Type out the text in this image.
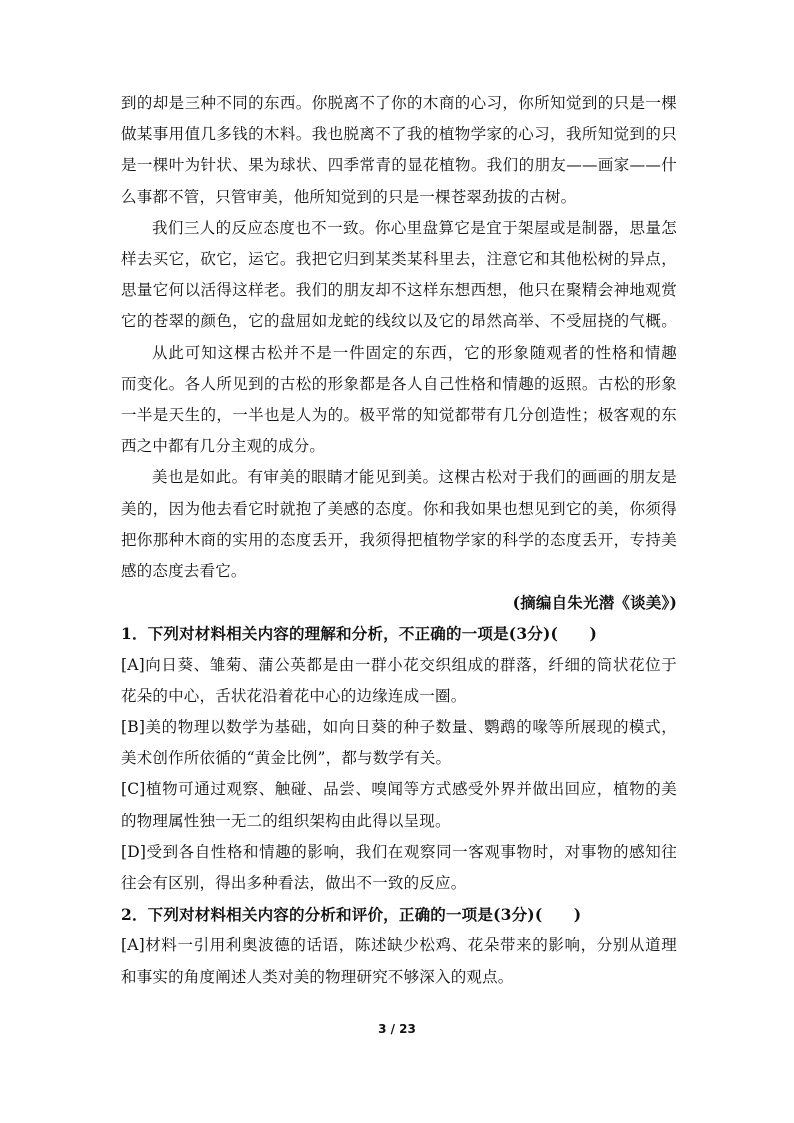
到的却是三种不同的东西。你脱离不了你的木商的心习，你所知觉到的只是一棵
做某事用值几多钱的木料。我也脱离不了我的植物学家的心习，我所知觉到的只
是一棵叶为针状、果为球状、四季常青的显花植物。我们的朋友——画家——什
么事都不管，只管审美，他所知觉到的只是一棵苍翠劲拔的古树。
我们三人的反应态度也不一致。你心里盘算它是宜于架屋或是制器，思量怎
样去买它，砍它，运它。我把它归到某类某科里去，注意它和其他松树的异点，
思量它何以活得这样老。我们的朋友却不这样东想西想，他只在聚精会神地观赏
它的苍翠的颜色，它的盘屈如龙蛇的线纹以及它的昂然高举、不受屈挠的气概。
从此可知这棵古松并不是一件固定的东西，它的形象随观者的性格和情趣
而变化。各人所见到的古松的形象都是各人自己性格和情趣的返照。古松的形象
一半是天生的，一半也是人为的。极平常的知觉都带有几分创造性；极客观的东
西之中都有几分主观的成分。
美也是如此。有审美的眼睛才能见到美。这棵古松对于我们的画画的朋友是
美的，因为他去看它时就抱了美感的态度。你和我如果也想见到它的美，你须得
把你那种木商的实用的态度丢开，我须得把植物学家的科学的态度丢开，专持美
感的态度去看它。
(摘编自朱光潜《谈美》)
1．下列对材料相关内容的理解和分析，不正确的一项是(3分)(　　)
[A]向日葵、雏菊、蒲公英都是由一群小花交织组成的群落，纤细的筒状花位于
花朵的中心，舌状花沿着花中心的边缘连成一圈。
[B]美的物理以数学为基础，如向日葵的种子数量、鹦鹉的喙等所展现的模式，
美术创作所依循的“黄金比例”，都与数学有关。
[C]植物可通过观察、触碰、品尝、嗅闻等方式感受外界并做出回应，植物的美
的物理属性独一无二的组织架构由此得以呈现。
[D]受到各自性格和情趣的影响，我们在观察同一客观事物时，对事物的感知往
往会有区别，得出多种看法，做出不一致的反应。
2．下列对材料相关内容的分析和评价，正确的一项是(3分)(　　)
[A]材料一引用利奥波德的话语，陈述缺少松鸡、花朵带来的影响，分别从道理
和事实的角度阐述人类对美的物理研究不够深入的观点。
3 / 23
